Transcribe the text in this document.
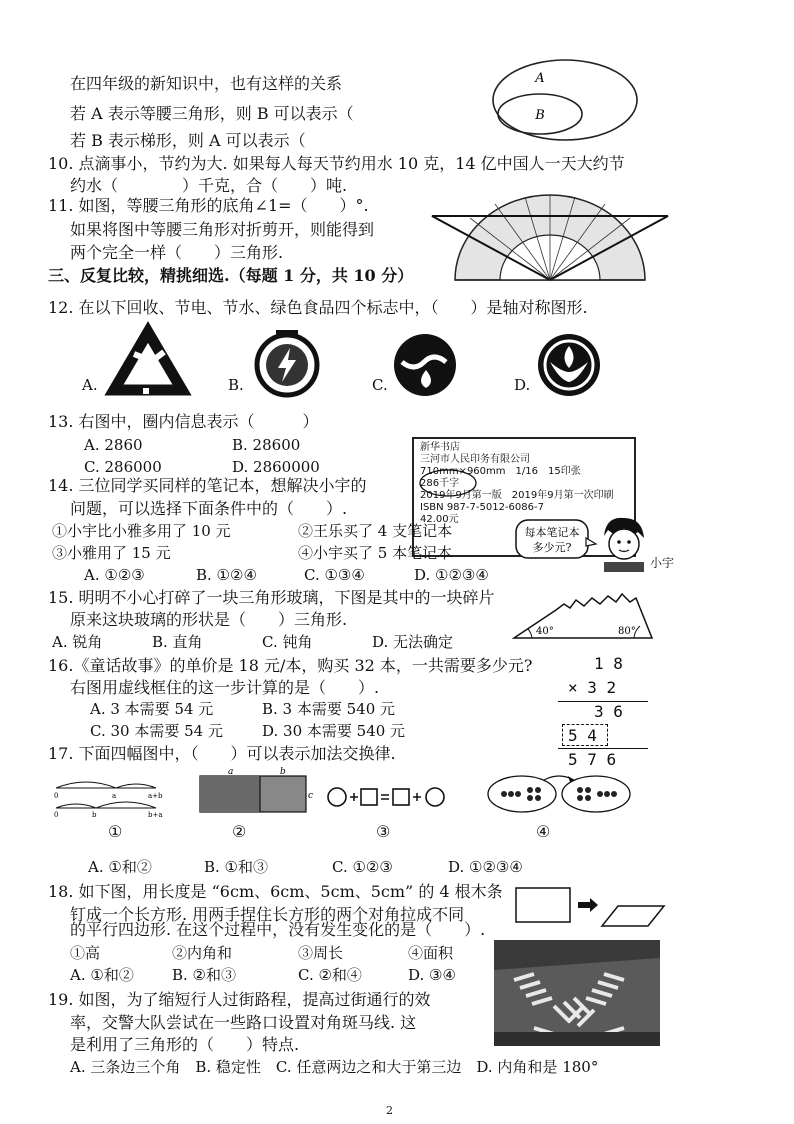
在四年级的新知识中，也有这样的关系
若 A 表示等腰三角形，则 B 可以表示（
若 B 表示梯形，则 A 可以表示（
A
B
10. 点滴事小，节约为大. 如果每人每天节约用水 10 克，14 亿中国人一天大约节
约水（　　　　）千克，合（　　）吨.
11. 如图，等腰三角形的底角∠1=（　　）°.
如果将图中等腰三角形对折剪开，则能得到
两个完全一样（　　）三角形.
三、反复比较，精挑细选.（每题 1 分，共 10 分）
12. 在以下回收、节电、节水、绿色食品四个标志中，（　　）是轴对称图形.
A.	B.	C.	D.
13. 右图中，圈内信息表示（　　　）
A. 2860	B. 28600
C. 286000	D. 2860000
新华书店
三河市人民印务有限公司
710mm×960mm　1/16　15印张
286千字
2019年9月第一版　2019年9月第一次印刷
ISBN 987-7-5012-6086-7
42.00元
14. 三位同学买同样的笔记本，想解决小宇的
问题，可以选择下面条件中的（　　）.
①小宇比小雅多用了 10 元	②王乐买了 4 支笔记本
③小雅用了 15 元	④小宇买了 5 本笔记本
A. ①②③	B. ①②④	C. ①③④	D. ①②③④
每本笔记本
多少元?
小宇
15. 明明不小心打碎了一块三角形玻璃，下图是其中的一块碎片
原来这块玻璃的形状是（　　）三角形.
A. 锐角	B. 直角	C. 钝角	D. 无法确定
40°	80°
16.《童话故事》的单价是 18 元/本，购买 32 本，一共需要多少元?
右图用虚线框住的这一步计算的是（　　）.
A. 3 本需要 54 元	B. 3 本需要 540 元
C. 30 本需要 54 元	D. 30 本需要 540 元
1 8
× 3 2
3 6
5 4
5 7 6
17. 下面四幅图中，（　　）可以表示加法交换律.
0	a	a+b
0	b	b+a
a	b
c
①	②	③	④
A. ①和②	B. ①和③	C. ①②③	D. ①②③④
18. 如下图，用长度是 “6cm、6cm、5cm、5cm” 的 4 根木条
钉成一个长方形. 用两手捏住长方形的两个对角拉成不同
的平行四边形. 在这个过程中，没有发生变化的是（　　）.
①高	②内角和	③周长	④面积
A. ①和②	B. ②和③	C. ②和④	D. ③④
19. 如图，为了缩短行人过街路程，提高过街通行的效
率，交警大队尝试在一些路口设置对角斑马线. 这
是利用了三角形的（　　）特点.
A. 三条边三个角　B. 稳定性　C. 任意两边之和大于第三边　D. 内角和是 180°
2
